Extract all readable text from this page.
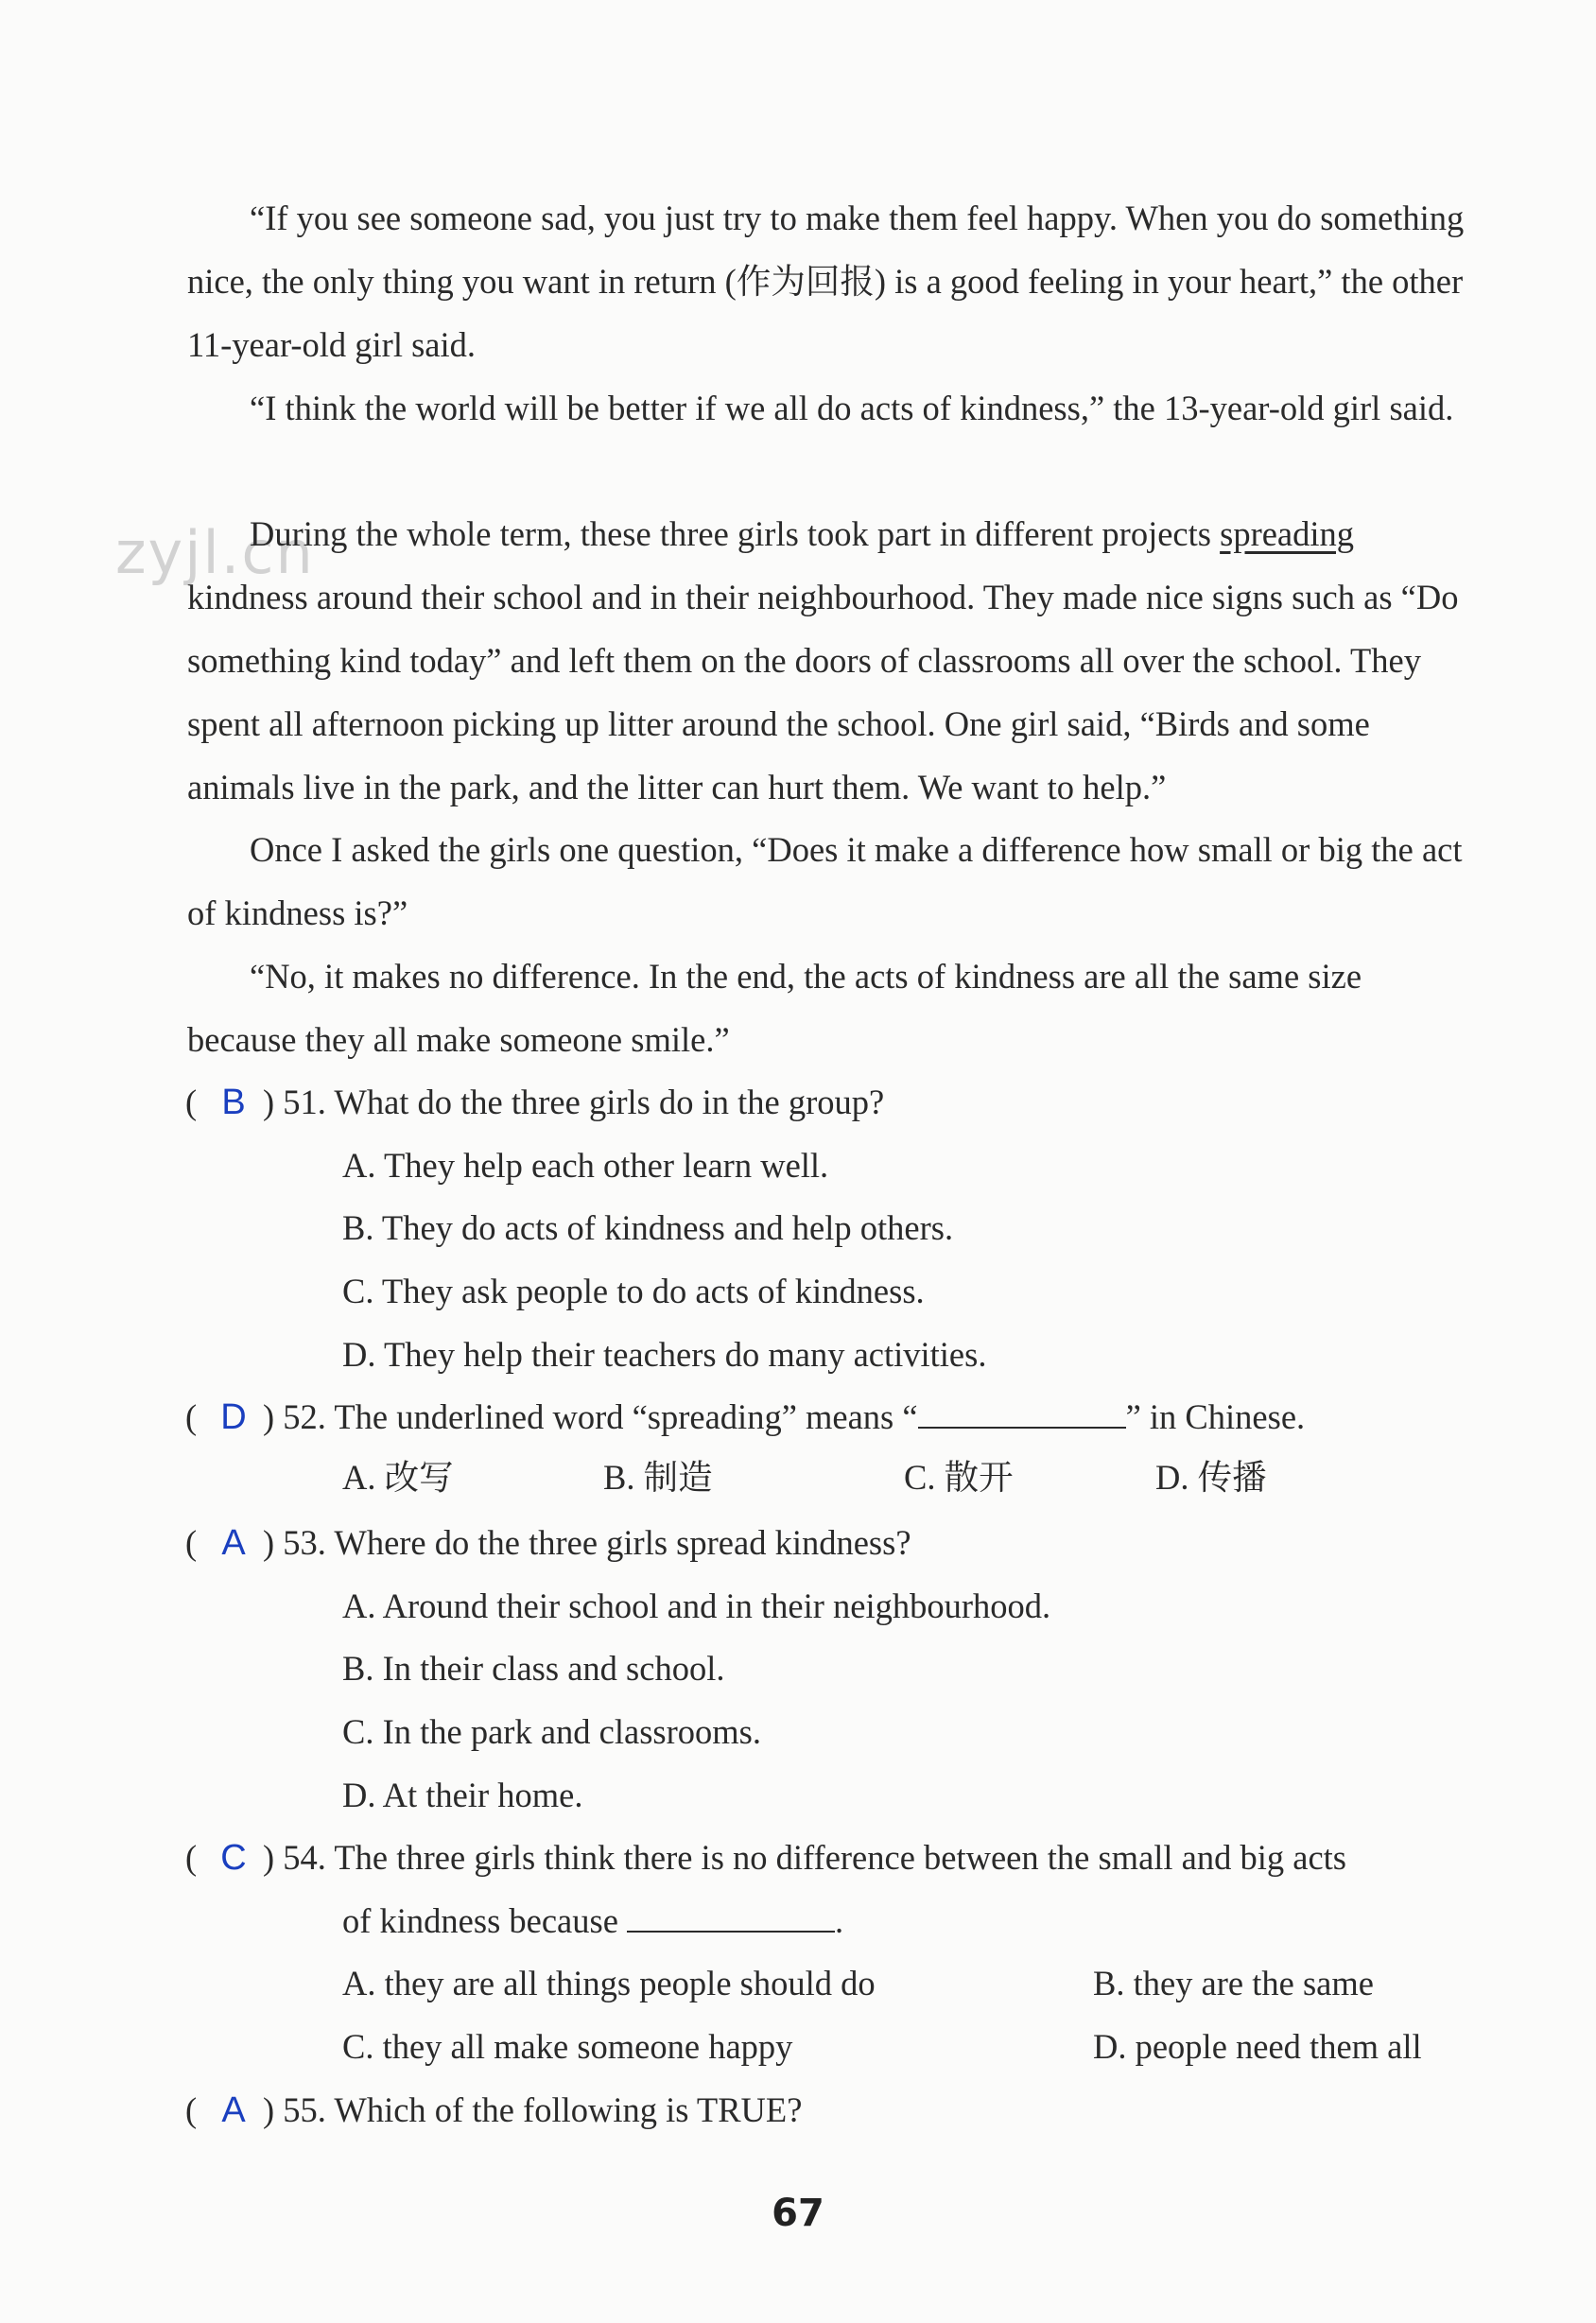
zyjl.cn

“If you see someone sad, you just try to make them feel happy. When you do something nice, the only thing you want in return (作为回报) is a good feeling in your heart,” the other 11-year-old girl said.

“I think the world will be better if we all do acts of kindness,” the 13-year-old girl said.

During the whole term, these three girls took part in different projects spreading kindness around their school and in their neighbourhood. They made nice signs such as “Do something kind today” and left them on the doors of classrooms all over the school. They spent all afternoon picking up litter around the school. One girl said, “Birds and some animals live in the park, and the litter can hurt them. We want to help.”

Once I asked the girls one question, “Does it make a difference how small or big the act of kindness is?”

“No, it makes no difference. In the end, the acts of kindness are all the same size because they all make someone smile.”

( B ) 51. What do the three girls do in the group?
A. They help each other learn well.
B. They do acts of kindness and help others.
C. They ask people to do acts of kindness.
D. They help their teachers do many activities.
( D ) 52. The underlined word “spreading” means “	” in Chinese.
A. 改写	B. 制造	C. 散开	D. 传播
( A ) 53. Where do the three girls spread kindness?
A. Around their school and in their neighbourhood.
B. In their class and school.
C. In the park and classrooms.
D. At their home.
( C ) 54. The three girls think there is no difference between the small and big acts
of kindness because	.
A. they are all things people should do	B. they are the same
C. they all make someone happy	D. people need them all
( A ) 55. Which of the following is TRUE?
67
